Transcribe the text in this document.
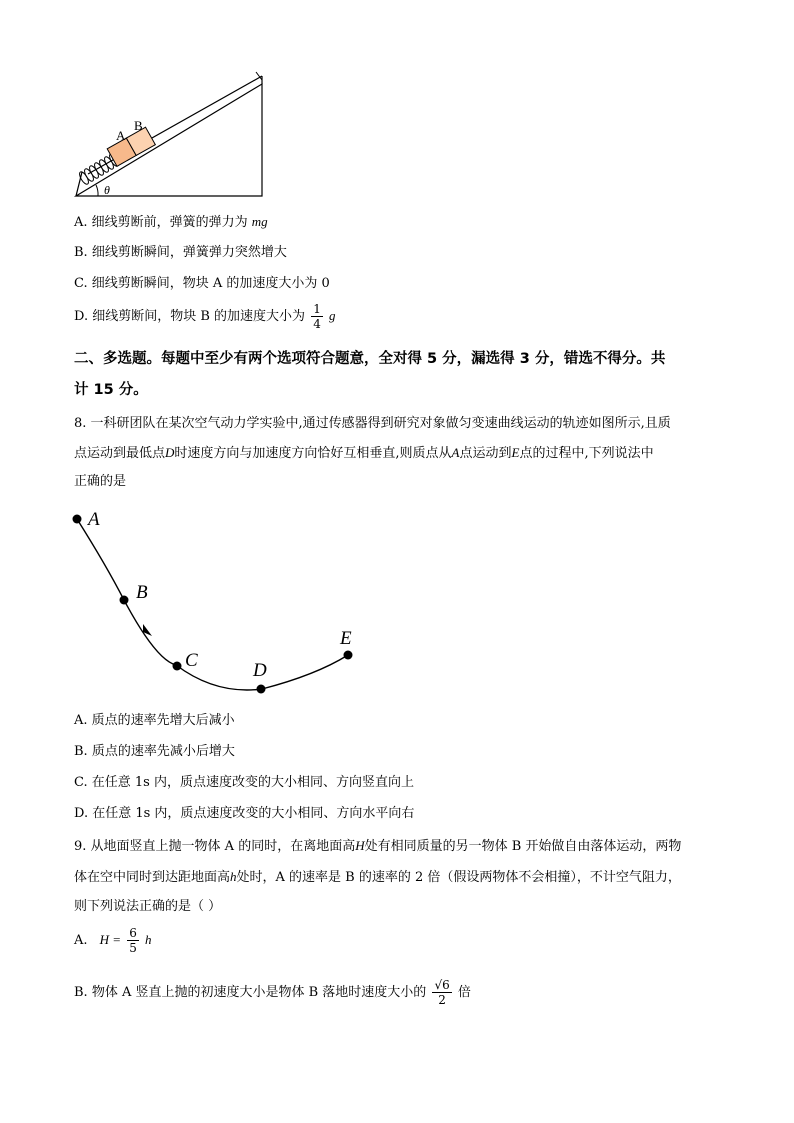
A
B
θ
A. 细线剪断前，弹簧的弹力为 mg
B. 细线剪断瞬间，弹簧弹力突然增大
C. 细线剪断瞬间，物块 A 的加速度大小为 0
D. 细线剪断间，物块 B 的加速度大小为 $\frac{1}{4}$ g
二、多选题。每题中至少有两个选项符合题意，全对得 5 分，漏选得 3 分，错选不得分。共
计 15 分。
8. 一科研团队在某次空气动力学实验中,通过传感器得到研究对象做匀变速曲线运动的轨迹如图所示,且质
点运动到最低点D时速度方向与加速度方向恰好互相垂直,则质点从A点运动到E点的过程中,下列说法中
正确的是
A
B
C	D
E
A. 质点的速率先增大后减小
B. 质点的速率先减小后增大
C. 在任意 1s 内，质点速度改变的大小相同、方向竖直向上
D. 在任意 1s 内，质点速度改变的大小相同、方向水平向右
9. 从地面竖直上抛一物体 A 的同时，在离地面高H处有相同质量的另一物体 B 开始做自由落体运动，两物
体在空中同时到达距地面高h处时，A 的速率是 B 的速率的 2 倍（假设两物体不会相撞），不计空气阻力，
则下列说法正确的是（ ）
A. $H = \frac{6}{5}$ h
B. 物体 A 竖直上抛的初速度大小是物体 B 落地时速度大小的 $\frac{√6}{2}$ 倍
